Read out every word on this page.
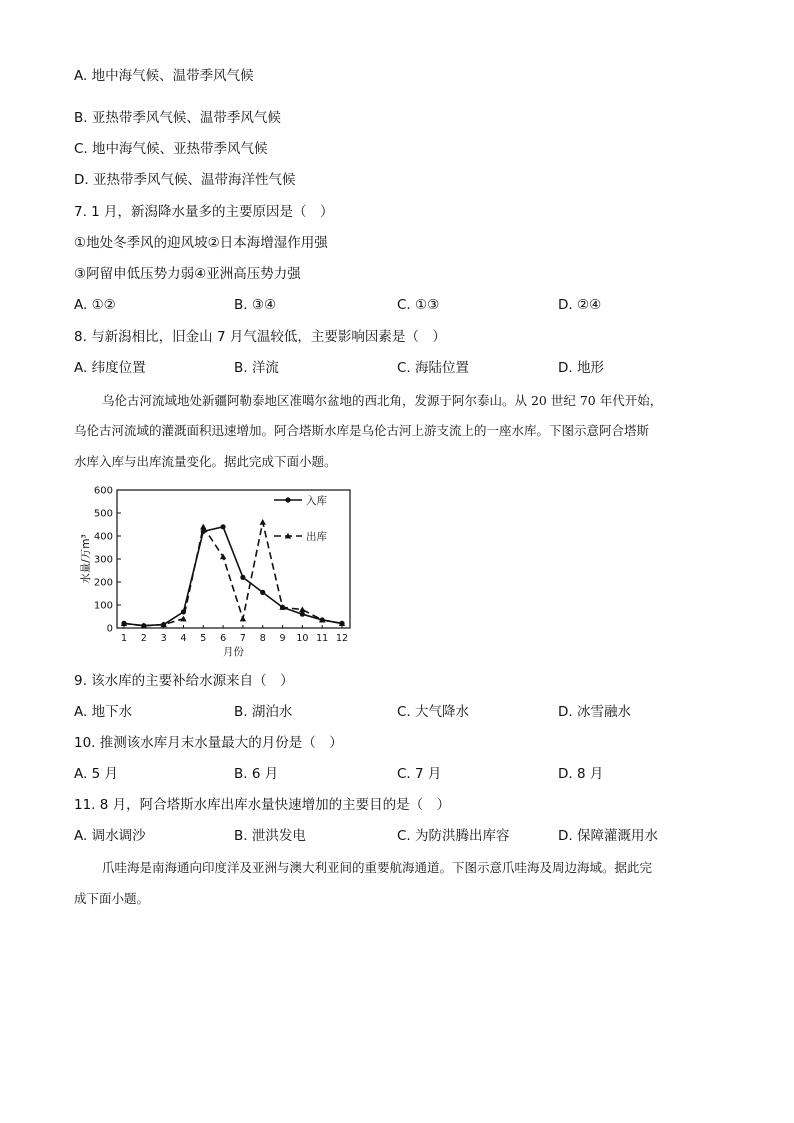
A. 地中海气候、温带季风气候
B. 亚热带季风气候、温带季风气候
C. 地中海气候、亚热带季风气候
D. 亚热带季风气候、温带海洋性气候
7. 1 月，新潟降水量多的主要原因是（　）
①地处冬季风的迎风坡②日本海增湿作用强
③阿留申低压势力弱④亚洲高压势力强
A. ①②	B. ③④	C. ①③	D. ②④
8. 与新潟相比，旧金山 7 月气温较低，主要影响因素是（　）
A. 纬度位置	B. 洋流	C. 海陆位置	D. 地形
乌伦古河流域地处新疆阿勒泰地区准噶尔盆地的西北角，发源于阿尔泰山。从 20 世纪 70 年代开始，
乌伦古河流域的灌溉面积迅速增加。阿合塔斯水库是乌伦古河上游支流上的一座水库。下图示意阿合塔斯
水库入库与出库流量变化。据此完成下面小题。
0
100
200
300
400
500
600
1 2 3 4 5 6 7 8 9 10 11 12
月份
水量/万m³
入库
出库
9. 该水库的主要补给水源来自（　）
A. 地下水	B. 湖泊水	C. 大气降水	D. 冰雪融水
10. 推测该水库月末水量最大的月份是（　）
A. 5 月	B. 6 月	C. 7 月	D. 8 月
11. 8 月，阿合塔斯水库出库水量快速增加的主要目的是（　）
A. 调水调沙	B. 泄洪发电	C. 为防洪腾出库容	D. 保障灌溉用水
爪哇海是南海通向印度洋及亚洲与澳大利亚间的重要航海通道。下图示意爪哇海及周边海域。据此完
成下面小题。
